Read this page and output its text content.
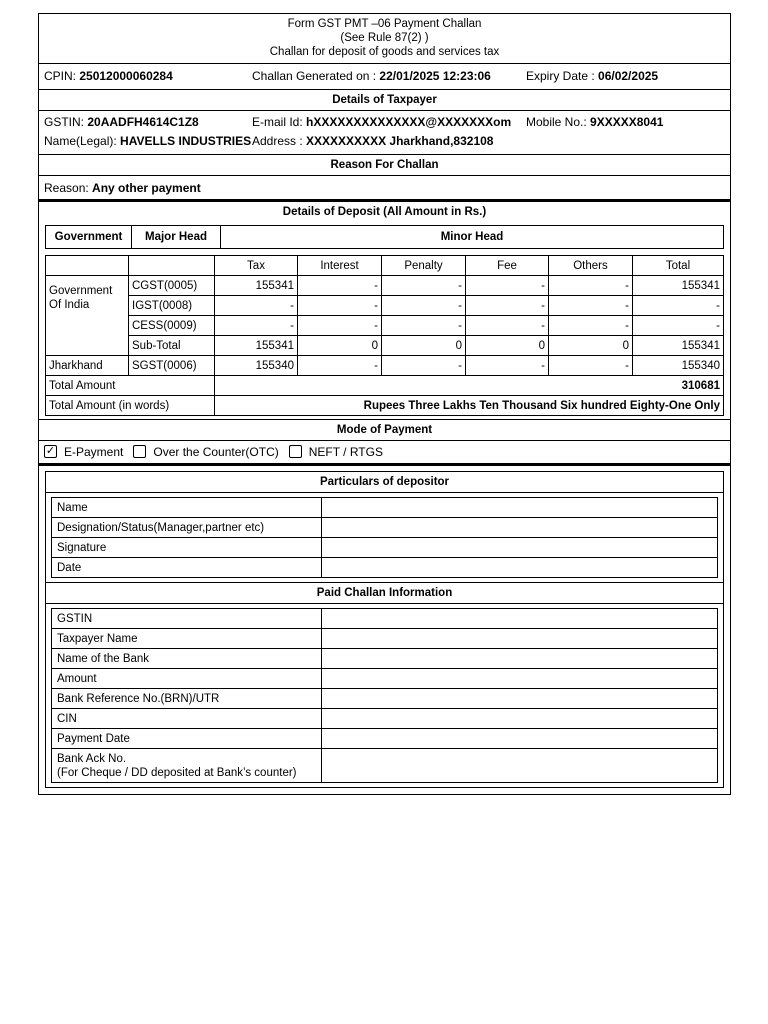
Form GST PMT –06 Payment Challan
(See Rule 87(2) )
Challan for deposit of goods and services tax
CPIN: 25012000060284	Challan Generated on : 22/01/2025 12:23:06	Expiry Date : 06/02/2025
Details of Taxpayer
GSTIN: 20AADFH4614C1Z8	E-mail Id: hXXXXXXXXXXXXXX@XXXXXXXom Mobile No.: 9XXXXX8041
Name(Legal): HAVELLS INDUSTRIES Address : XXXXXXXXXX Jharkhand,832108
Reason For Challan
Reason: Any other payment
Details of Deposit (All Amount in Rs.)
Government	Major Head	Minor Head
		Tax	Interest	Penalty	Fee	Others	Total
Government Of India	CGST(0005)	155341	-	-	-	-	155341
	IGST(0008)	-	-	-	-	-	-
	CESS(0009)	-	-	-	-	-	-
	Sub-Total	155341	0	0	0	0	155341
Jharkhand	SGST(0006)	155340	-	-	-	-	155340
Total Amount		310681					
Total Amount (in words)		Rupees Three Lakhs Ten Thousand Six hundred Eighty-One Only					
Mode of Payment
✓ E-Payment	Over the Counter(OTC)	NEFT / RTGS
Particulars of depositor
Name	
Designation/Status(Manager,partner etc)	
Signature	
Date	
Paid Challan Information
GSTIN	
Taxpayer Name	
Name of the Bank	
Amount	
Bank Reference No.(BRN)/UTR	
CIN	
Payment Date	

Bank Ack No.
(For Cheque / DD deposited at Bank’s counter)	
